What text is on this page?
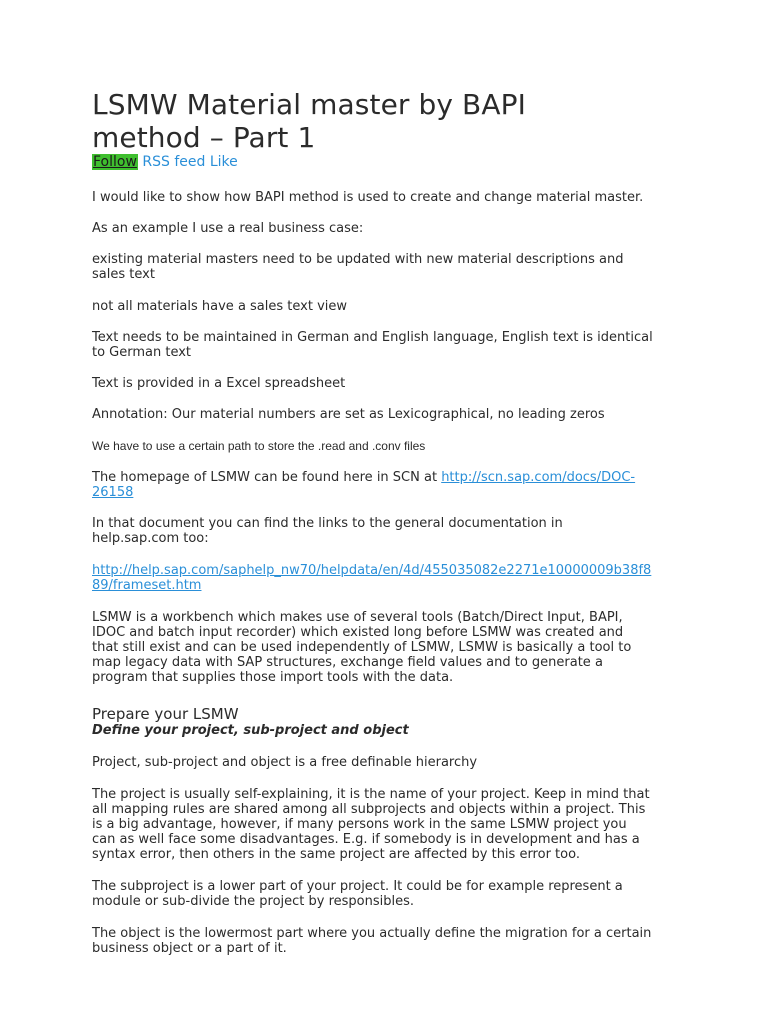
LSMW Material master by BAPI
method – Part 1
Follow RSS feed Like

I would like to show how BAPI method is used to create and change material master.

As an example I use a real business case:

existing material masters need to be updated with new material descriptions and
sales text

not all materials have a sales text view

Text needs to be maintained in German and English language, English text is identical
to German text

Text is provided in a Excel spreadsheet

Annotation: Our material numbers are set as Lexicographical, no leading zeros

We have to use a certain path to store the .read and .conv files

The homepage of LSMW can be found here in SCN at http://scn.sap.com/docs/DOC-
26158

In that document you can find the links to the general documentation in
help.sap.com too:

http://help.sap.com/saphelp_nw70/helpdata/en/4d/455035082e2271e10000009b38f8
89/frameset.htm

LSMW is a workbench which makes use of several tools (Batch/Direct Input, BAPI,
IDOC and batch input recorder) which existed long before LSMW was created and
that still exist and can be used independently of LSMW, LSMW is basically a tool to
map legacy data with SAP structures, exchange field values and to generate a
program that supplies those import tools with the data.

Prepare your LSMW

Define your project, sub-project and object

Project, sub-project and object is a free definable hierarchy

The project is usually self-explaining, it is the name of your project. Keep in mind that
all mapping rules are shared among all subprojects and objects within a project. This
is a big advantage, however, if many persons work in the same LSMW project you
can as well face some disadvantages. E.g. if somebody is in development and has a
syntax error, then others in the same project are affected by this error too.

The subproject is a lower part of your project. It could be for example represent a
module or sub-divide the project by responsibles.

The object is the lowermost part where you actually define the migration for a certain
business object or a part of it.
